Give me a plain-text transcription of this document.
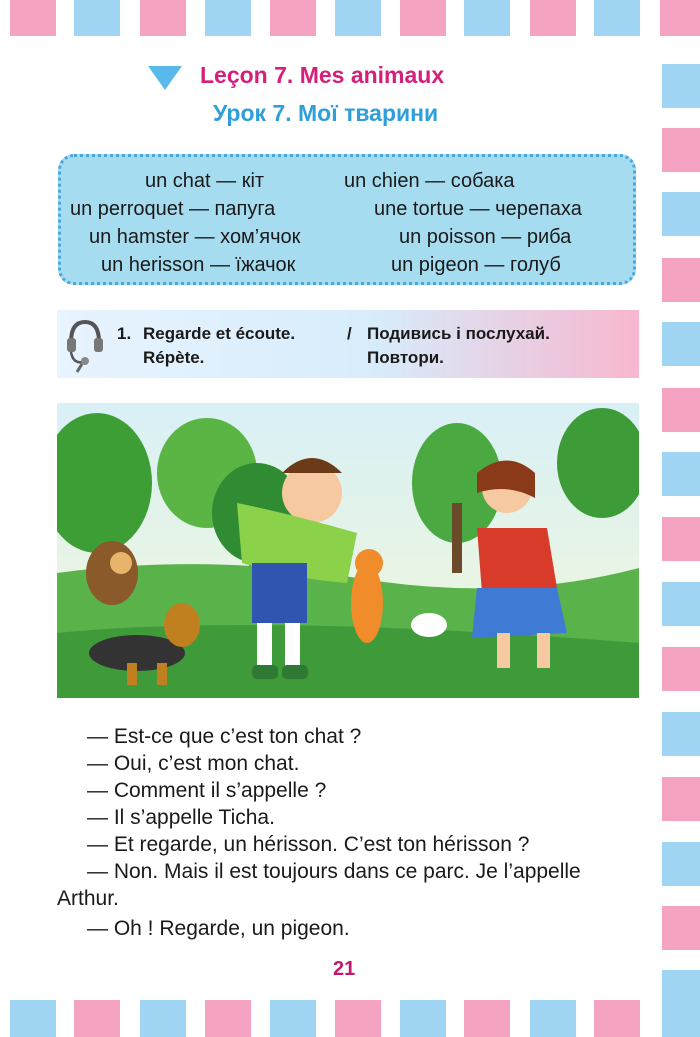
Leçon 7. Mes animaux
Урок 7. Мої тварини
un chat — кіт	un chien — собака
un perroquet — папуга	une tortue — черепаха
un hamster — хом’ячок	un poisson — риба
un herisson — їжачок	un pigeon — голуб
1. Regarde et écoute.	/
Répète.
Подивись і послухай.
Повтори.
— Est-ce que c’est ton chat ?
— Oui, c’est mon chat.
— Comment il s’appelle ?
— Il s’appelle Ticha.
— Et regarde, un hérisson. C’est ton hérisson ?
— Non. Mais il est toujours dans ce parc. Je l’appelle
Arthur.
— Oh ! Regarde, un pigeon.
21
